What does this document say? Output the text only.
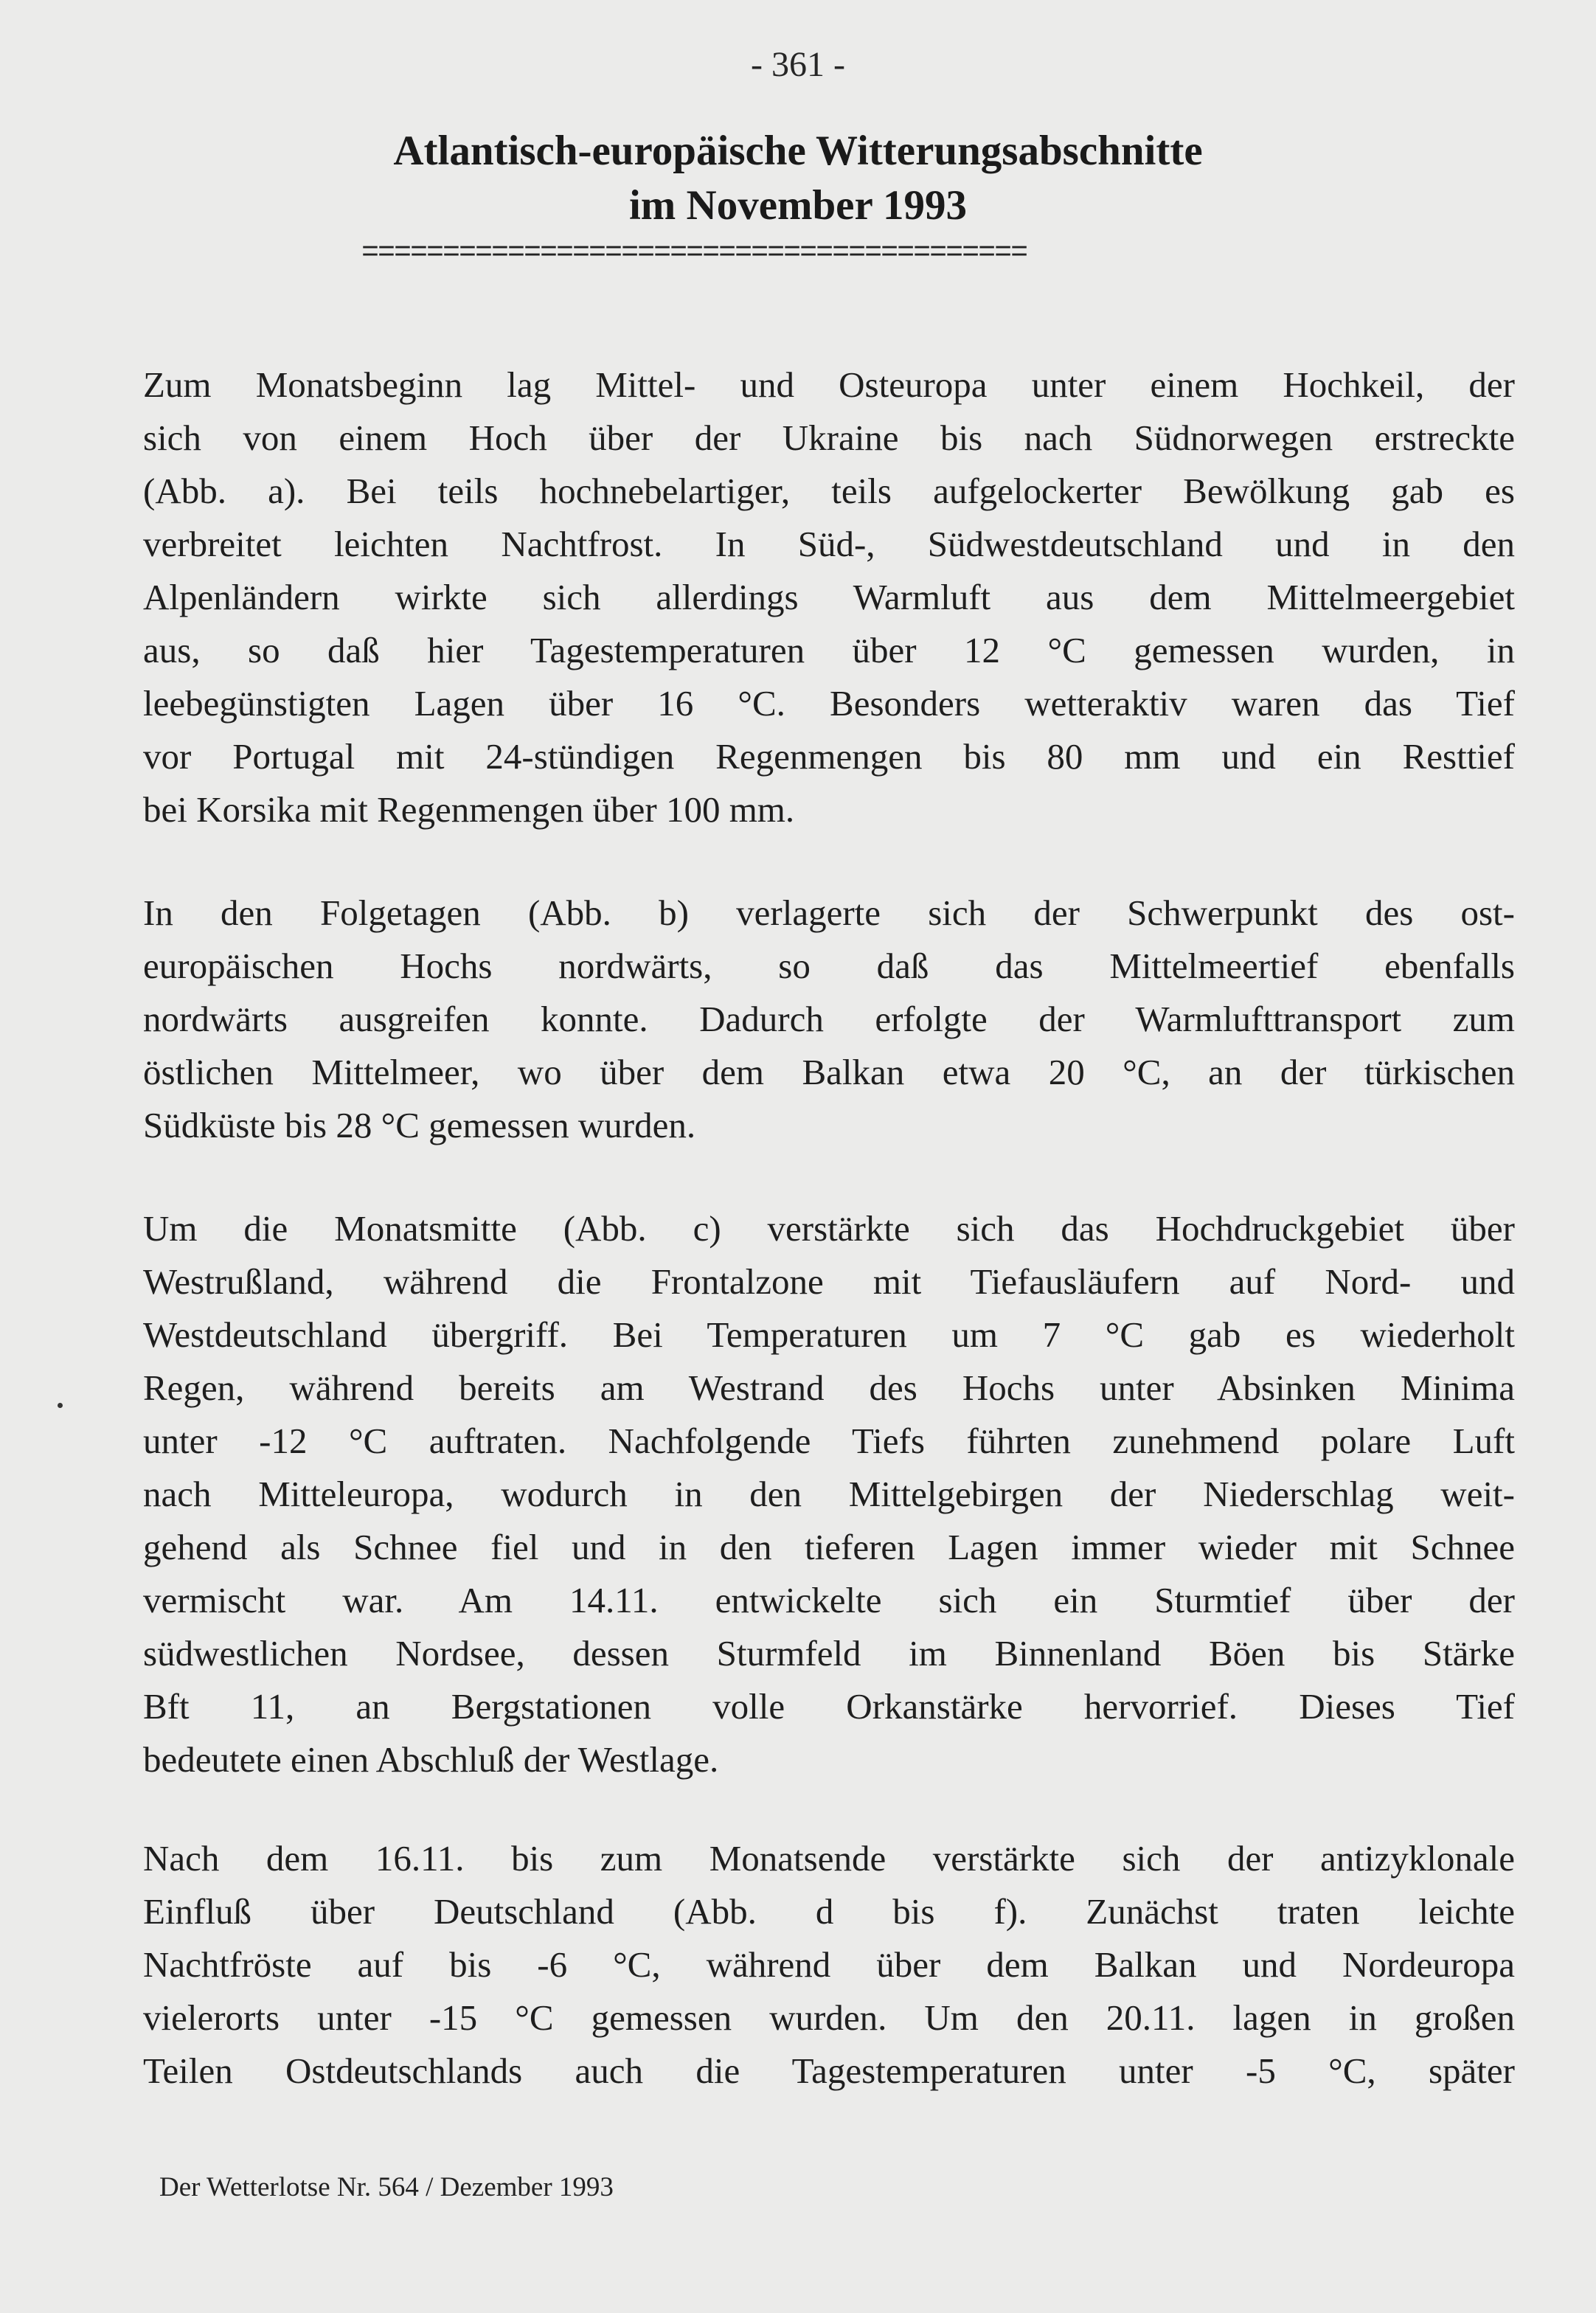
- 361 -
Atlantisch-europäische Witterungsabschnitte
im November 1993
=========================================
Zum Monatsbeginn lag Mittel- und Osteuropa unter einem Hochkeil, der
sich von einem Hoch über der Ukraine bis nach Südnorwegen erstreckte
(Abb. a). Bei teils hochnebelartiger, teils aufgelockerter Bewölkung gab es
verbreitet leichten Nachtfrost. In Süd-, Südwestdeutschland und in den
Alpenländern wirkte sich allerdings Warmluft aus dem Mittelmeergebiet
aus, so daß hier Tagestemperaturen über 12 °C gemessen wurden, in
leebegünstigten Lagen über 16 °C. Besonders wetteraktiv waren das Tief
vor Portugal mit 24-stündigen Regenmengen bis 80 mm und ein Resttief
bei Korsika mit Regenmengen über 100 mm.
In den Folgetagen (Abb. b) verlagerte sich der Schwerpunkt des ost-
europäischen Hochs nordwärts, so daß das Mittelmeertief ebenfalls
nordwärts ausgreifen konnte. Dadurch erfolgte der Warmlufttransport zum
östlichen Mittelmeer, wo über dem Balkan etwa 20 °C, an der türkischen
Südküste bis 28 °C gemessen wurden.
Um die Monatsmitte (Abb. c) verstärkte sich das Hochdruckgebiet über
Westrußland, während die Frontalzone mit Tiefausläufern auf Nord- und
Westdeutschland übergriff. Bei Temperaturen um 7 °C gab es wiederholt
Regen, während bereits am Westrand des Hochs unter Absinken Minima
unter -12 °C auftraten. Nachfolgende Tiefs führten zunehmend polare Luft
nach Mitteleuropa, wodurch in den Mittelgebirgen der Niederschlag weit-
gehend als Schnee fiel und in den tieferen Lagen immer wieder mit Schnee
vermischt war. Am 14.11. entwickelte sich ein Sturmtief über der
südwestlichen Nordsee, dessen Sturmfeld im Binnenland Böen bis Stärke
Bft 11, an Bergstationen volle Orkanstärke hervorrief. Dieses Tief
bedeutete einen Abschluß der Westlage.
Nach dem 16.11. bis zum Monatsende verstärkte sich der antizyklonale
Einfluß über Deutschland (Abb. d bis f). Zunächst traten leichte
Nachtfröste auf bis -6 °C, während über dem Balkan und Nordeuropa
vielerorts unter -15 °C gemessen wurden. Um den 20.11. lagen in großen
Teilen Ostdeutschlands auch die Tagestemperaturen unter -5 °C, später
Der Wetterlotse Nr. 564 / Dezember 1993
